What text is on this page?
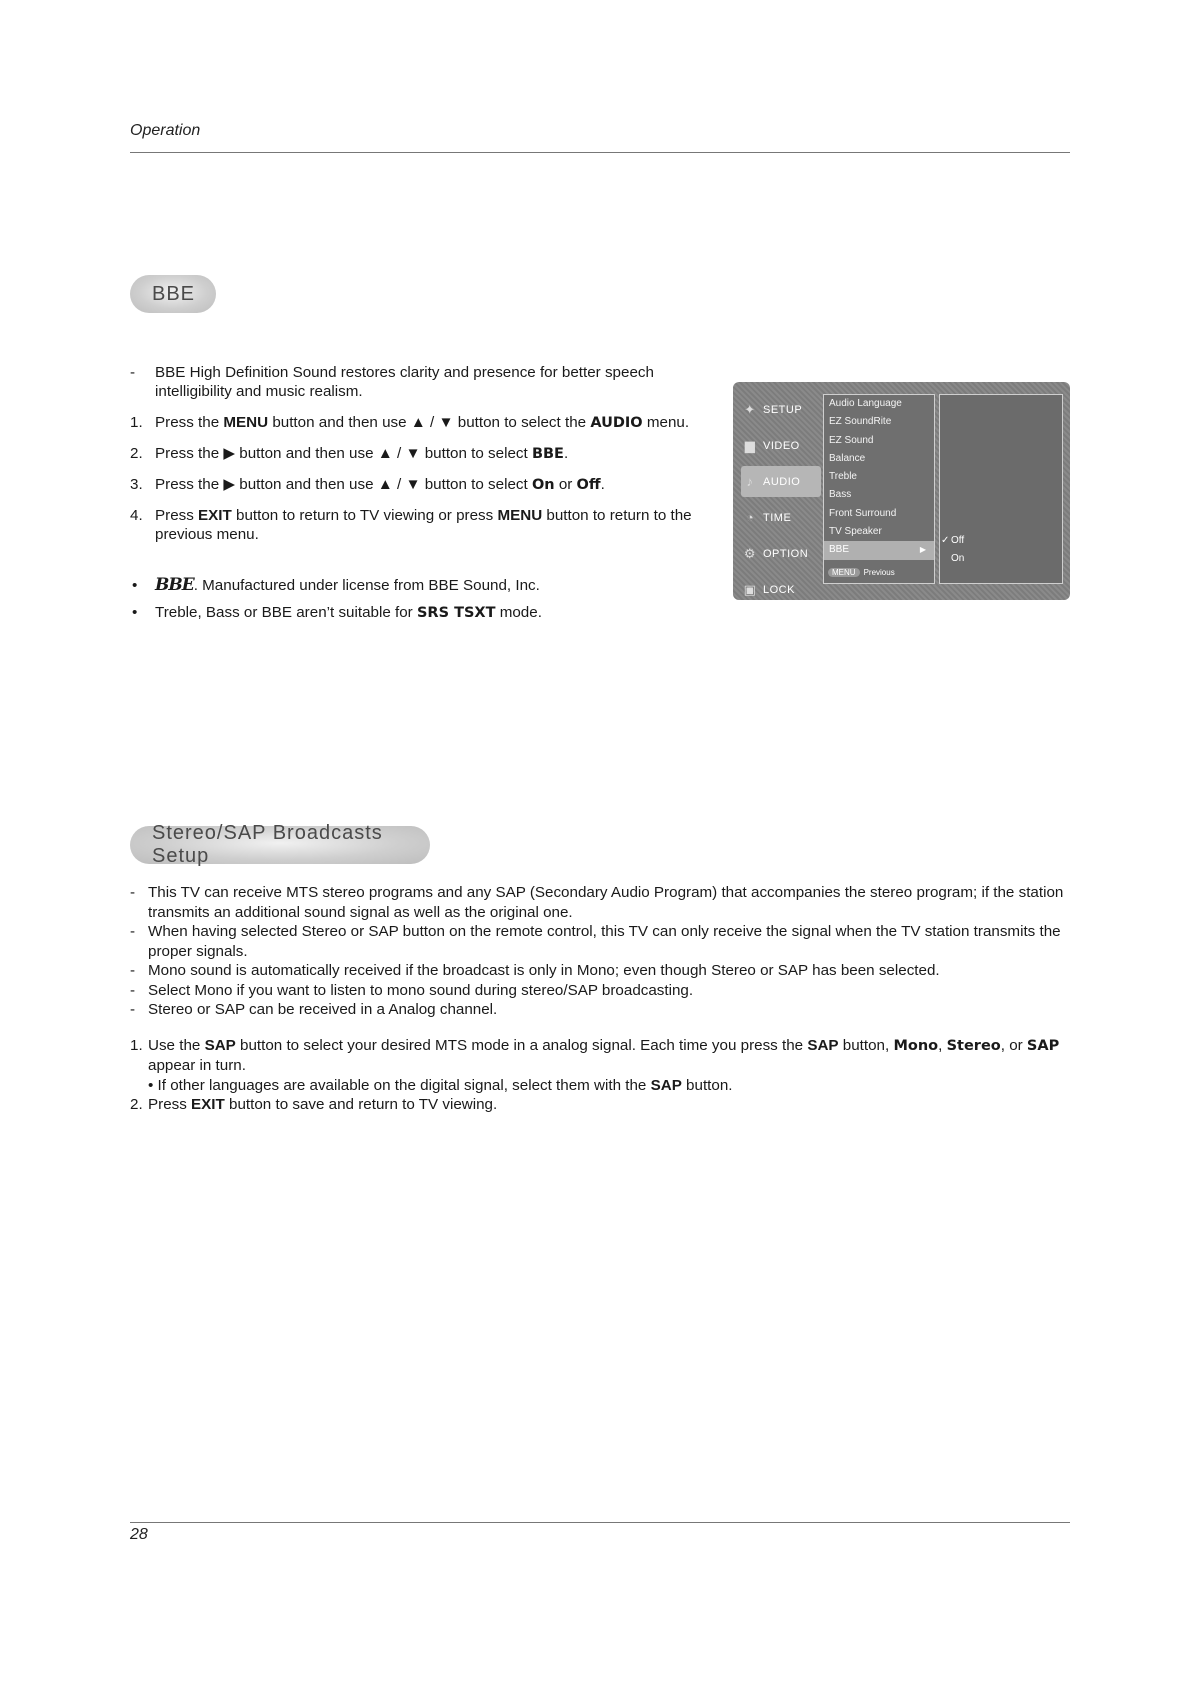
Operation
BBE
- BBE High Definition Sound restores clarity and presence for better speech intelligibility and music realism.
1. Press the MENU button and then use ▲ / ▼ button to select the AUDIO menu.
2. Press the ▶ button and then use ▲ / ▼ button to select BBE.
3. Press the ▶ button and then use ▲ / ▼ button to select On or Off.
4. Press EXIT button to return to TV viewing or press MENU button to return to the previous menu.
• BBE. Manufactured under license from BBE Sound, Inc.
• Treble, Bass or BBE aren’t suitable for SRS TSXT mode.
✦ SETUP
▆ VIDEO
♪ AUDIO
◔ TIME
⚙ OPTION
▣ LOCK
Audio Language
EZ SoundRite
EZ Sound
Balance
Treble
Bass
Front Surround
TV Speaker
BBE	▶
MENU	Previous
✓ Off
On
Stereo/SAP Broadcasts Setup
- This TV can receive MTS stereo programs and any SAP (Secondary Audio Program) that accompanies the stereo program; if the station transmits an additional sound signal as well as the original one.
- When having selected Stereo or SAP button on the remote control, this TV can only receive the signal when the TV station transmits the proper signals.
- Mono sound is automatically received if the broadcast is only in Mono; even though Stereo or SAP has been selected.
- Select Mono if you want to listen to mono sound during stereo/SAP broadcasting.
- Stereo or SAP can be received in a Analog channel.
1. Use the SAP button to select your desired MTS mode in a analog signal. Each time you press the SAP button, Mono, Stereo, or SAP appear in turn.
• If other languages are available on the digital signal, select them with the SAP button.
2. Press EXIT button to save and return to TV viewing.
28
